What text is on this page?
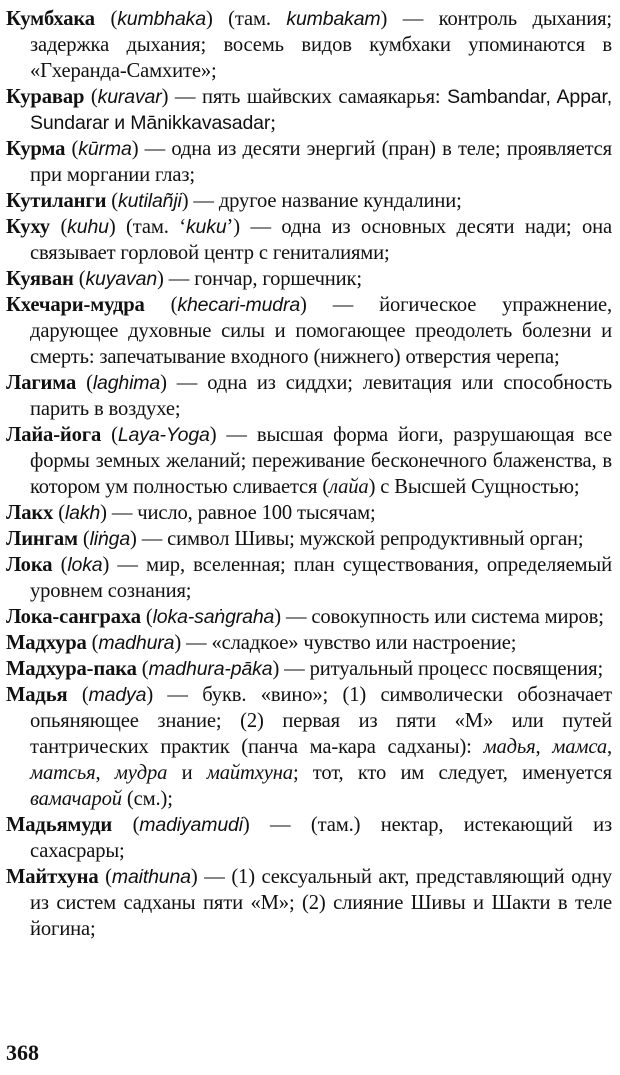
Кумбхака (kumbhaka) (там. kumbakam) — контроль дыхания; задержка дыхания; восемь видов кумбхаки упоминаются в «Гхеранда-Самхите»;

Куравар (kuravar) — пять шайвских самаякарья: Sambandar, Appar, Sundarar и Mānikkavasadar;

Курма (kūrma) — одна из десяти энергий (пран) в теле; проявляется при моргании глаз;

Кутиланги (kutilañji) — другое название кундалини;

Куху (kuhu) (там. ‘kuku’) — одна из основных десяти нади; она связывает горловой центр с гениталиями;

Куяван (kuyavan) — гончар, горшечник;

Кхечари-мудра (khecari-mudra) — йогическое упражнение, дарующее духовные силы и помогающее преодолеть болезни и смерть: запечатывание входного (нижнего) отверстия черепа;

Лагима (laghima) — одна из сиддхи; левитация или способность парить в воздухе;

Лайа-йога (Laya-Yoga) — высшая форма йоги, разрушающая все формы земных желаний; переживание бесконечного блаженства, в котором ум полностью сливается (лайа) с Высшей Сущностью;

Лакх (lakh) — число, равное 100 тысячам;

Лингам (liṅga) — символ Шивы; мужской репродуктивный орган;

Лока (loka) — мир, вселенная; план существования, определяемый уровнем сознания;

Лока-санграха (loka-saṅgraha) — совокупность или система миров;

Мадхура (madhura) — «сладкое» чувство или настроение;

Мадхура-пака (madhura-pāka) — ритуальный процесс посвящения;

Мадья (madya) — букв. «вино»; (1) символически обозначает опьяняющее знание; (2) первая из пяти «М» или путей тантрических практик (панча ма-кара садханы): мадья, мамса, матсья, мудра и майтхуна; тот, кто им следует, именуется вамачарой (см.);

Мадьямуди (madiyamudi) — (там.) нектар, истекающий из сахасрары;

Майтхуна (maithuna) — (1) сексуальный акт, представляющий одну из систем садханы пяти «М»; (2) слияние Шивы и Шакти в теле йогина;

368
